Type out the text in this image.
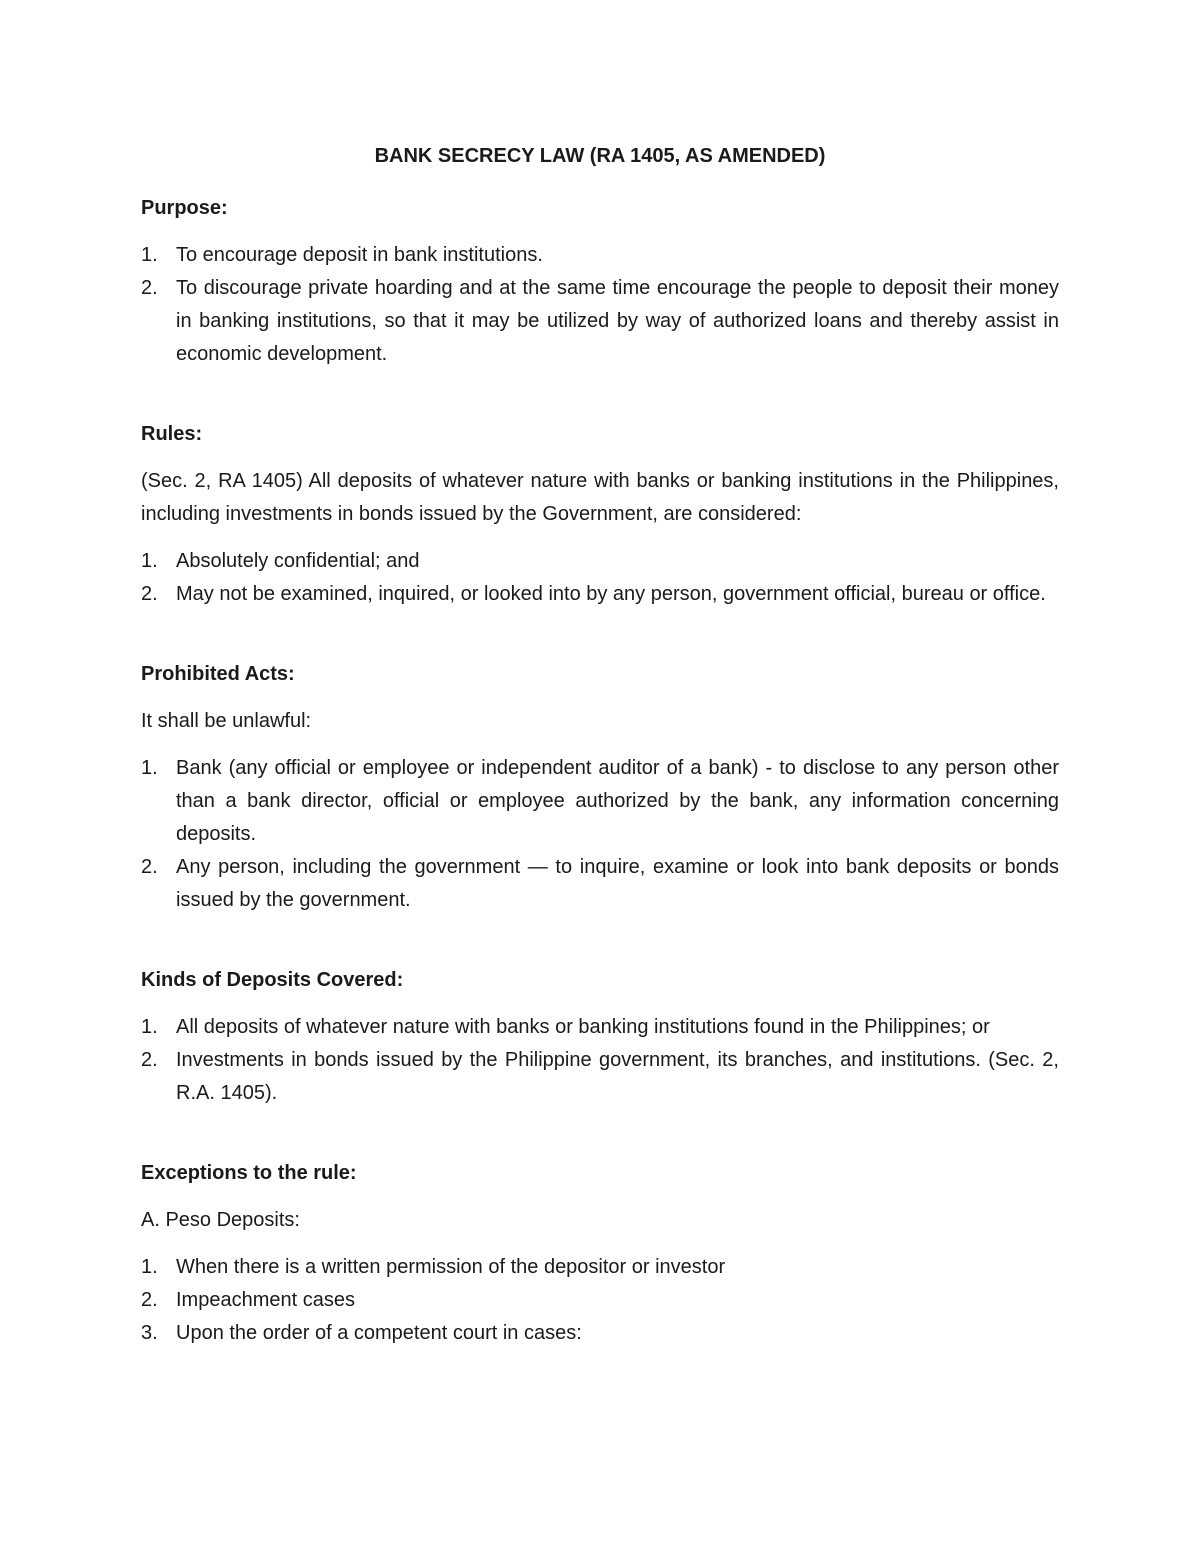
BANK SECRECY LAW (RA 1405, AS AMENDED)
Purpose:
1. To encourage deposit in bank institutions.
2. To discourage private hoarding and at the same time encourage the people to deposit their money in banking institutions, so that it may be utilized by way of authorized loans and thereby assist in economic development.
Rules:
(Sec. 2, RA 1405) All deposits of whatever nature with banks or banking institutions in the Philippines, including investments in bonds issued by the Government, are considered:
1. Absolutely confidential; and
2. May not be examined, inquired, or looked into by any person, government official, bureau or office.
Prohibited Acts:
It shall be unlawful:
1. Bank (any official or employee or independent auditor of a bank) - to disclose to any person other than a bank director, official or employee authorized by the bank, any information concerning deposits.
2. Any person, including the government — to inquire, examine or look into bank deposits or bonds issued by the government.
Kinds of Deposits Covered:
1. All deposits of whatever nature with banks or banking institutions found in the Philippines; or
2. Investments in bonds issued by the Philippine government, its branches, and institutions. (Sec. 2, R.A. 1405).
Exceptions to the rule:
A. Peso Deposits:
1. When there is a written permission of the depositor or investor
2. Impeachment cases
3. Upon the order of a competent court in cases:
